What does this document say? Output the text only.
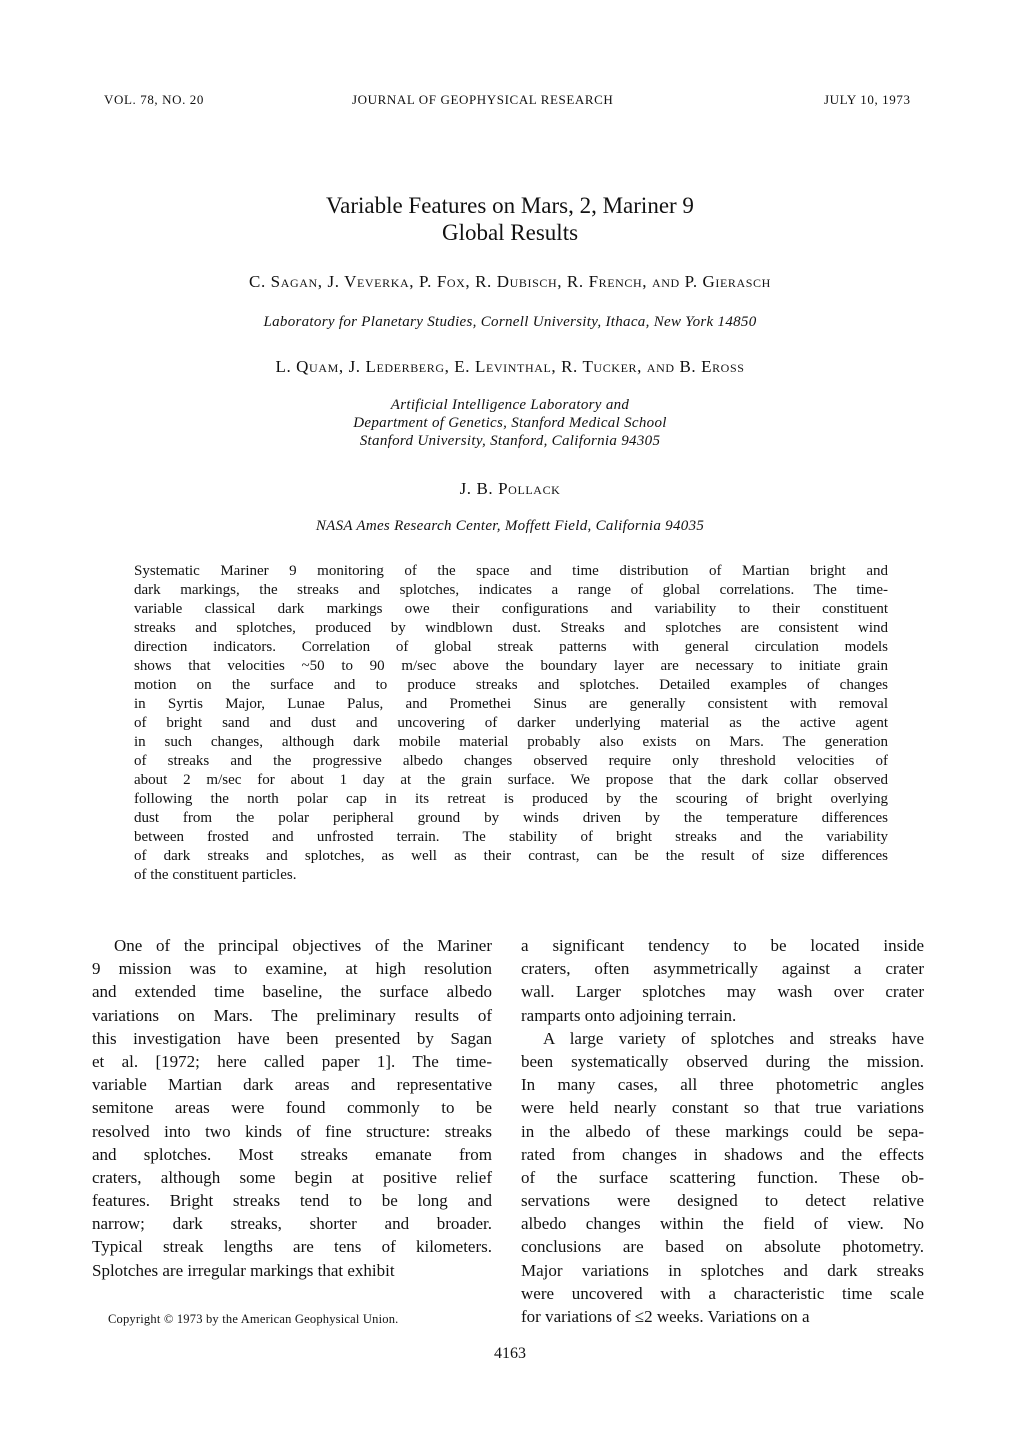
VOL. 78, NO. 20	JOURNAL OF GEOPHYSICAL RESEARCH	JULY 10, 1973
Variable Features on Mars, 2, Mariner 9
Global Results
C. Sagan, J. Veverka, P. Fox, R. Dubisch, R. French, and P. Gierasch
Laboratory for Planetary Studies, Cornell University, Ithaca, New York 14850
L. Quam, J. Lederberg, E. Levinthal, R. Tucker, and B. Eross
Artificial Intelligence Laboratory and
Department of Genetics, Stanford Medical School
Stanford University, Stanford, California 94305
J. B. Pollack
NASA Ames Research Center, Moffett Field, California 94035
Systematic Mariner 9 monitoring of the space and time distribution of Martian bright and
dark markings, the streaks and splotches, indicates a range of global correlations. The time-
variable classical dark markings owe their configurations and variability to their constituent
streaks and splotches, produced by windblown dust. Streaks and splotches are consistent wind
direction indicators. Correlation of global streak patterns with general circulation models
shows that velocities ~50 to 90 m/sec above the boundary layer are necessary to initiate grain
motion on the surface and to produce streaks and splotches. Detailed examples of changes
in Syrtis Major, Lunae Palus, and Promethei Sinus are generally consistent with removal
of bright sand and dust and uncovering of darker underlying material as the active agent
in such changes, although dark mobile material probably also exists on Mars. The generation
of streaks and the progressive albedo changes observed require only threshold velocities of
about 2 m/sec for about 1 day at the grain surface. We propose that the dark collar observed
following the north polar cap in its retreat is produced by the scouring of bright overlying
dust from the polar peripheral ground by winds driven by the temperature differences
between frosted and unfrosted terrain. The stability of bright streaks and the variability
of dark streaks and splotches, as well as their contrast, can be the result of size differences
of the constituent particles.
One of the principal objectives of the Mariner
9 mission was to examine, at high resolution
and extended time baseline, the surface albedo
variations on Mars. The preliminary results of
this investigation have been presented by Sagan
et al. [1972; here called paper 1]. The time-
variable Martian dark areas and representative
semitone areas were found commonly to be
resolved into two kinds of fine structure: streaks
and splotches. Most streaks emanate from
craters, although some begin at positive relief
features. Bright streaks tend to be long and
narrow; dark streaks, shorter and broader.
Typical streak lengths are tens of kilometers.
Splotches are irregular markings that exhibit
a significant tendency to be located inside
craters, often asymmetrically against a crater
wall. Larger splotches may wash over crater
ramparts onto adjoining terrain.
A large variety of splotches and streaks have
been systematically observed during the mission.
In many cases, all three photometric angles
were held nearly constant so that true variations
in the albedo of these markings could be sepa-
rated from changes in shadows and the effects
of the surface scattering function. These ob-
servations were designed to detect relative
albedo changes within the field of view. No
conclusions are based on absolute photometry.
Major variations in splotches and dark streaks
were uncovered with a characteristic time scale
for variations of ≤2 weeks. Variations on a
Copyright © 1973 by the American Geophysical Union.
4163
